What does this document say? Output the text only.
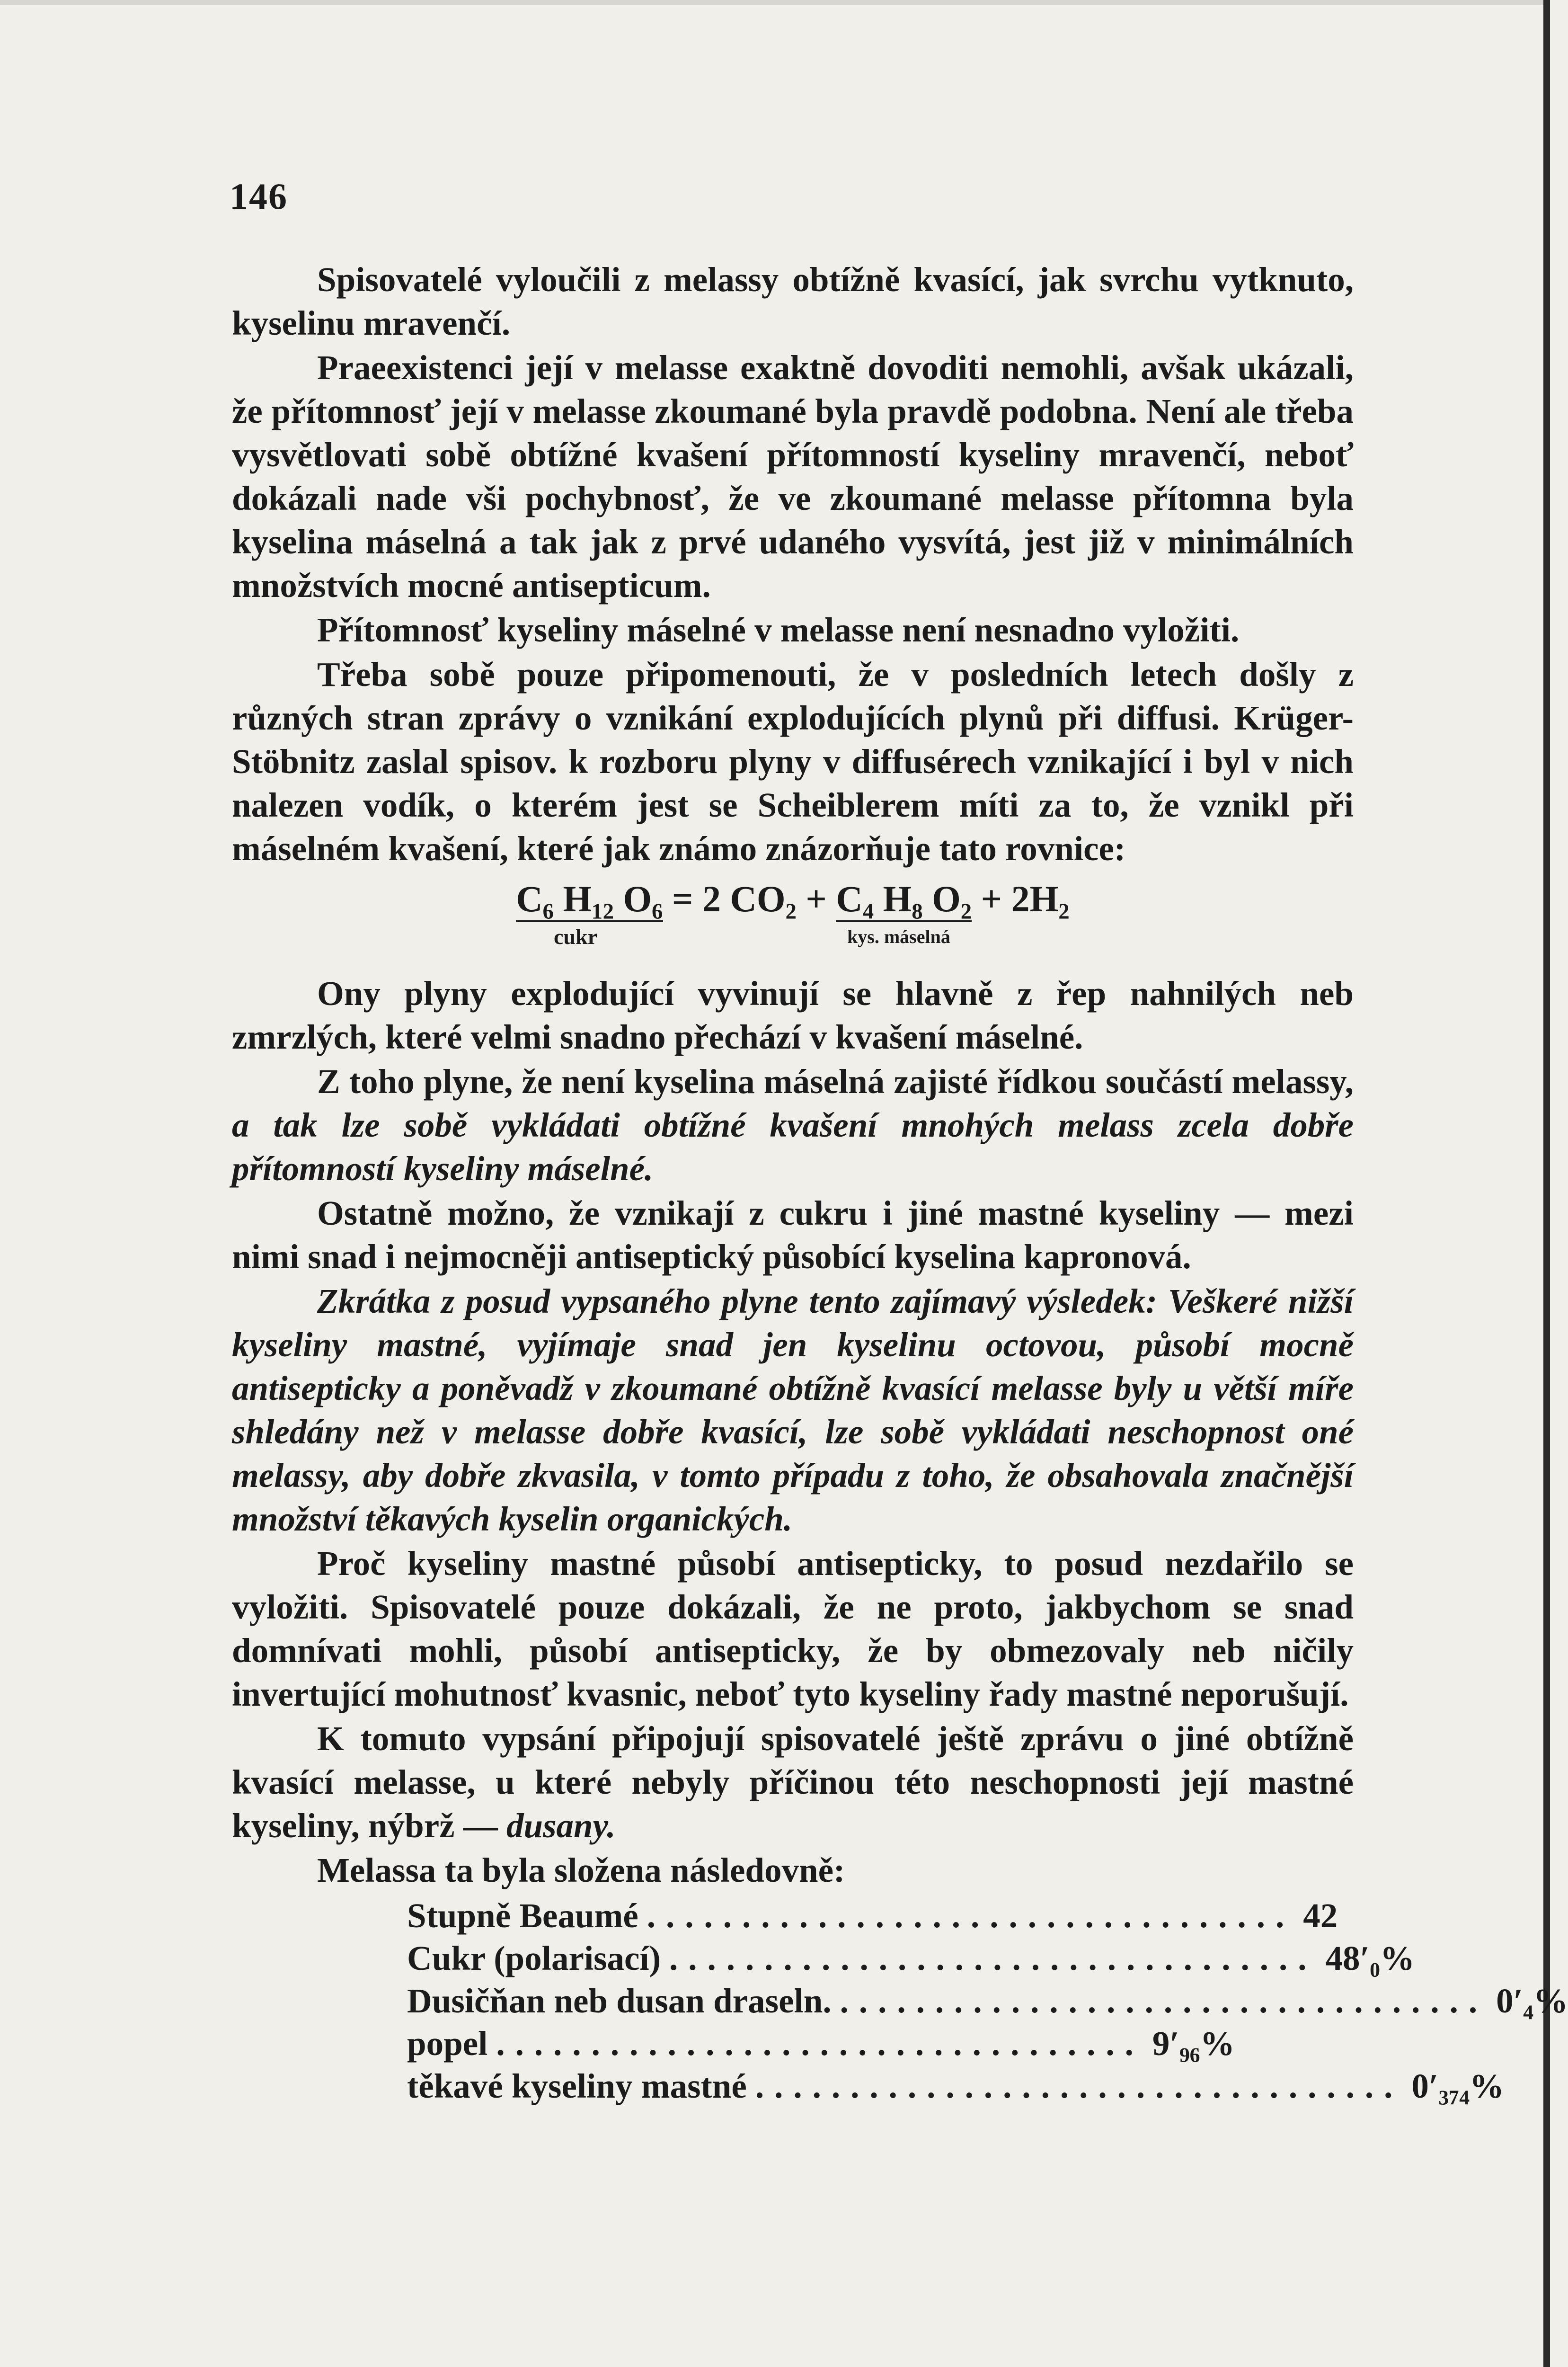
146

Spisovatelé vyloučili z melassy obtížně kvasící, jak svrchu vytknuto, kyselinu mravenčí.

Praeexistenci její v melasse exaktně dovoditi nemohli, avšak ukázali, že přítomnosť její v melasse zkoumané byla pravdě podobna. Není ale třeba vysvětlovati sobě obtížné kvašení přítomností kyseliny mravenčí, neboť dokázali nade vši pochybnosť, že ve zkoumané melasse přítomna byla kyselina máselná a tak jak z prvé udaného vysvítá, jest již v minimálních množstvích mocné antisepticum.

Přítomnosť kyseliny máselné v melasse není nesnadno vyložiti.

Třeba sobě pouze připomenouti, že v posledních letech došly z různých stran zprávy o vznikání explodujících plynů při diffusi. Krüger-Stöbnitz zaslal spisov. k rozboru plyny v diffusérech vznikající i byl v nich nalezen vodík, o kterém jest se Scheiblerem míti za to, že vznikl při máselném kvašení, které jak známo znázorňuje tato rovnice:

C₆ H₁₂ O₆ = 2 CO₂ + C₄ H₈ O₂ + 2H₂
cukr	kys. máselná

Ony plyny explodující vyvinují se hlavně z řep nahnilých neb zmrzlých, které velmi snadno přechází v kvašení máselné.

Z toho plyne, že není kyselina máselná zajisté řídkou součástí melassy, a tak lze sobě vykládati obtížné kvašení mnohých melass zcela dobře přítomností kyseliny máselné.

Ostatně možno, že vznikají z cukru i jiné mastné kyseliny — mezi nimi snad i nejmocněji antiseptický působící kyselina kapronová.

Zkrátka z posud vypsaného plyne tento zajímavý výsledek: Veškeré nižší kyseliny mastné, vyjímaje snad jen kyselinu octovou, působí mocně antisepticky a poněvadž v zkoumané obtížně kvasící melasse byly u větší míře shledány než v melasse dobře kvasící, lze sobě vykládati neschopnost oné melassy, aby dobře zkvasila, v tomto případu z toho, že obsahovala značnější množství těkavých kyselin organických.

Proč kyseliny mastné působí antisepticky, to posud nezdařilo se vyložiti. Spisovatelé pouze dokázali, že ne proto, jakbychom se snad domnívati mohli, působí antisepticky, že by obmezovaly neb ničily invertující mohutnosť kvasnic, neboť tyto kyseliny řady mastné neporušují.

K tomuto vypsání připojují spisovatelé ještě zprávu o jiné obtížně kvasící melasse, u které nebyly příčinou této neschopnosti její mastné kyseliny, nýbrž — dusany.

Melassa ta byla složena následovně:

Stupně Beaumé .................................. 42
Cukr (polarisací) .................................. 48′₀%
Dusičňan neb dusan draseln. .................................. 0′₄%
popel .................................. 9′₉₆%
těkavé kyseliny mastné .................................. 0′₃₇₄%
